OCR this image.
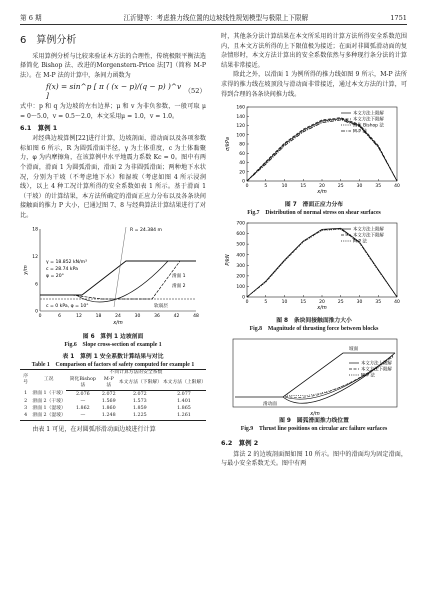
第 6 期	江沂键等：考虑推力线位置的边坡线性规划模型与极限上下限解	1751
6　算例分析

采用算例分析与比较来验证本方法的合理性，传统极限平衡法选择简化 Bishop 法、改进的Morgenstern-Price 法[7]（简称 M-P 法）。在 M-P 法的计算中，条间力函数为

f(x) = sin^p [ π ( (x − p)/(q − p) )^v ]
（52）

式中：p 和 q 为边坡的左右边界；μ 和 v 为非负参数，一般可取 μ = 0～5.0，v = 0.5～2.0，本文采用μ = 1.0，v = 1.0。

6.1　算例 1

对经典边坡算例[22]进行计算，边坡剖面、滑动面以及各项参数标如图 6 所示，R 为圆弧滑面半径，γ 为土体重度，c 为土体黏聚力，φ 为内摩擦角，在该算例中水平地震力系数 Kc = 0。图中有两个滑面，滑面 1 为圆弧滑面，滑面 2 为非圆弧滑面；两种地下水状况，分别为干坡（不考虑地下水）和湿坡（考虑如图 4 所示浸润线），以上 4 种工况计算所得的安全系数如表 1 所示。基于滑面 1（干坡）的计算结果，本方法所确定的滑面正应力分布以及各条块间接触面的推力 P 大小，已通过图 7、8 与经典算法计算结果进行了对比。

0	6	12	18	24	30	36	42	48
0
6
12
18
x/m
y/m
R = 24.384 m
γ = 18.852 kN/m³
c = 28.74 kPa
φ = 20°
c = 0 kPa, φ = 10°
滑面 1
滑面 2
软弱层
图 6　算例 1 边坡剖面
Fig.6　Slope cross-section of example 1
表 1　算例 1 安全系数计算结果与对比
Table 1　Comparison of factors of safety computed for example 1
序号	工况	不同计算方法的安全系数			
		简化Bishop 法	M-P 法	本文方法（下限解）	本文方法（上限解）
1	滑面 1（干坡）	2.076	2.072	2.072	2.077
2	滑面 2（干坡）	—	1.569	1.573	1.401
3	滑面 1（湿坡）	1.862	1.860	1.859	1.865
4	滑面 2（湿坡）	—	1.248	1.225	1.261

由表 1 可见，在对圆弧形滑动面边坡进行计算

时，其他条分法计算结果在本文所采用的计算方法所得安全系数范围内，且本文方法所得的上下限值极为接近；在面对非圆弧滑动面的复杂情形时，本文方法计算出的安全系数依然与多种现行条分法的计算结果非常接近。

除此之外，以滑面 1 为例所得的推力线如图 9 所示，M-P 法所求得的推力线在坡顶段与滑动面非常接近，通过本文方法的计算，可得到合理的各条块间推力线。

0	5	10	15	20	25	30	35	40
0
20
40
60
80
100
120
140
160
x/m
σ/kPa
本文方法上限解
本文方法下限解
简化 Bishop 法
M-P 法
图 7　滑面正应力分布
Fig.7　Distribution of normal stress on shear surfaces
0	5	10	15	20	25	30	35	40
0
100
200
300
400
500
600
700
x/m
P/kN
本文方法上限解
本文方法下限解
M-P 法
图 8　条块间接触面推力大小
Fig.8　Magnitude of thrusting force between blocks
坡面
滑动面
本文方法上限解
本文方法下限解
M-P 法
x/m
图 9　圆弧滑面推力线位置
Fig.9　Thrust line positions on circular arc failure surfaces
6.2　算例 2

算法 2 的边坡剖面图如图 10 所示。图中的滑面均为固定滑面，与最小安全系数无关。图中有两
